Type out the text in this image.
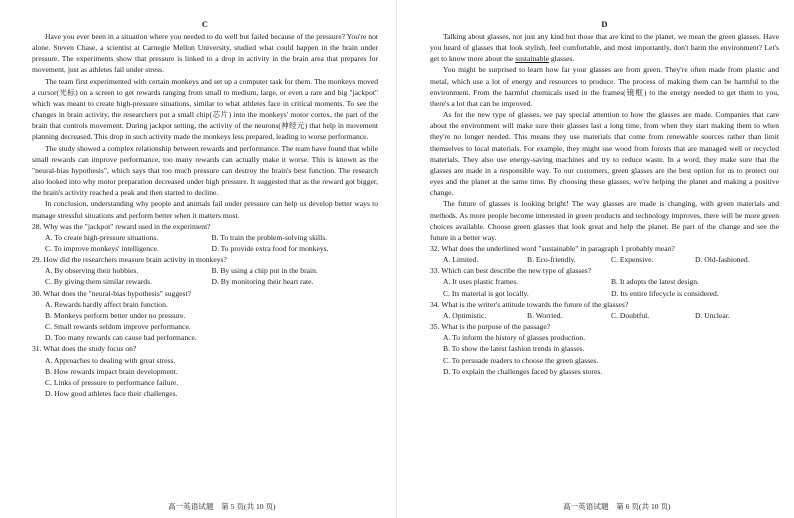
C

Have you ever been in a situation where you needed to do well but failed because of the pressure? You're not alone. Steven Chase, a scientist at Carnegie Mellon University, studied what could happen in the brain under pressure. The experiments show that pressure is linked to a drop in activity in the brain area that prepares for movement, just as athletes fail under stress.

The team first experimented with certain monkeys and set up a computer task for them. The monkeys moved a cursor(光标) on a screen to get rewards ranging from small to medium, large, or even a rare and big "jackpot" which was meant to create high-pressure situations, similar to what athletes face in critical moments. To see the changes in brain activity, the researchers put a small chip(芯片) into the monkeys' motor cortex, the part of the brain that controls movement. During jackpot setting, the activity of the neurons(神经元) that help in movement planning decreased. This drop in such activity made the monkeys less prepared, leading to worse performance.

The study showed a complex relationship between rewards and performance. The team have found that while small rewards can improve performance, too many rewards can actually make it worse. This is known as the "neural-bias hypothesis", which says that too much pressure can destroy the brain's best function. The research also looked into why motor preparation decreased under high pressure. It suggested that as the reward got bigger, the brain's activity reached a peak and then started to decline.

In conclusion, understanding why people and animals fail under pressure can help us develop better ways to manage stressful situations and perform better when it matters most.

28. Why was the "jackpot" reward used in the experiment?
A. To create high-pressure situations.	B. To train the problem-solving skills.
C. To improve monkeys' intelligence.	D. To provide extra food for monkeys.
29. How did the researchers measure brain activity in monkeys?
A. By observing their hobbies.	B. By using a chip put in the brain.
C. By giving them similar rewards.	D. By monitoring their heart rate.
30. What does the "neural-bias hypothesis" suggest?
A. Rewards hardly affect brain function.
B. Monkeys perform better under no pressure.
C. Small rewards seldom improve performance.
D. Too many rewards can cause bad performance.
31. What does the study focus on?
A. Approaches to dealing with great stress.
B. How rewards impact brain development.
C. Links of pressure to performance failure.
D. How good athletes face their challenges.
D

Talking about glasses, not just any kind but those that are kind to the planet, we mean the green glasses. Have you heard of glasses that look stylish, feel comfortable, and most importantly, don't harm the environment? Let's get to know more about the sustainable glasses.

You might be surprised to learn how far your glasses are from green. They're often made from plastic and metal, which use a lot of energy and resources to produce. The process of making them can be harmful to the environment. From the harmful chemicals used in the frames(镜框) to the energy needed to get them to you, there's a lot that can be improved.

As for the new type of glasses, we pay special attention to how the glasses are made. Companies that care about the environment will make sure their glasses last a long time, from when they start making them to when they're no longer needed. This means they use materials that come from renewable sources rather than limit themselves to local materials. For example, they might use wood from forests that are managed well or recycled materials. They also use energy-saving machines and try to reduce waste. In a word, they make sure that the glasses are made in a responsible way. To our customers, green glasses are the best option for us to protect our eyes and the planet at the same time. By choosing these glasses, we're helping the planet and making a positive change.

The future of glasses is looking bright! The way glasses are made is changing, with green materials and methods. As more people become interested in green products and technology improves, there will be more green choices available. Choose green glasses that look great and help the planet. Be part of the change and see the future in a better way.

32. What does the underlined word "sustainable" in paragraph 1 probably mean?
A. Limited.	B. Eco-friendly.	C. Expensive.	D. Old-fashioned.
33. Which can best describe the new type of glasses?
A. It uses plastic frames.	B. It adopts the latest design.
C. Its material is got locally.	D. Its entire lifecycle is considered.
34. What is the writer's attitude towards the future of the glasses?
A. Optimistic.	B. Worried.	C. Doubtful.	D. Unclear.
35. What is the purpose of the passage?
A. To inform the history of glasses production.
B. To show the latest fashion trends in glasses.
C. To persuade readers to choose the green glasses.
D. To explain the challenges faced by glasses stores.
高一英语试题　第 5 页(共 10 页)	高一英语试题　第 6 页(共 10 页)
